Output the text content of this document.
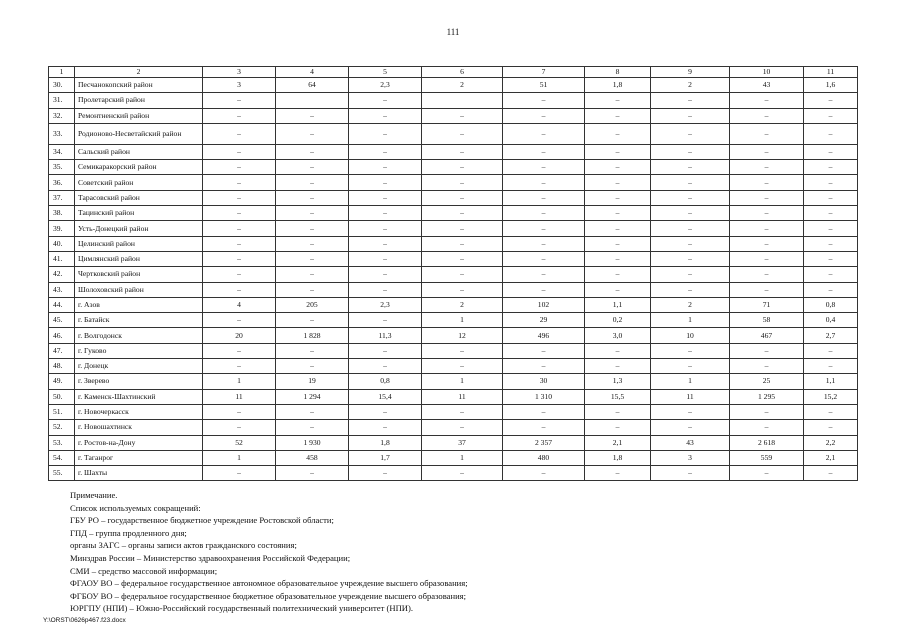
111
1	2	3	4	5	6	7	8	9	10	11
30.	Песчанокопский район	3	64	2,3	2	51	1,8	2	43	1,6
31.	Пролетарский район	–		–		–	–	–	–	–
32.	Ремонтненский район	–	–	–	–	–	–	–	–	–
33.	Родионово-Несветайский район	–	–	–	–	–	–	–	–	–
34.	Сальский район	–	–	–	–	–	–	–	–	–
35.	Семикаракорский район	–	–	–	–	–	–	–	–	–
36.	Советский район	–	–	–	–	–	–	–	–	–
37.	Тарасовский район	–	–	–	–	–	–	–	–	–
38.	Тацинский район	–	–	–	–	–	–	–	–	–
39.	Усть-Донецкий район	–	–	–	–	–	–	–	–	–
40.	Целинский район	–	–	–	–	–	–	–	–	–
41.	Цимлянский район	–	–	–	–	–	–	–	–	–
42.	Чертковский район	–	–	–	–	–	–	–	–	–
43.	Шолоховский район	–	–	–	–	–	–	–	–	–
44.	г. Азов	4	205	2,3	2	102	1,1	2	71	0,8
45.	г. Батайск	–	–	–	1	29	0,2	1	58	0,4
46.	г. Волгодонск	20	1 828	11,3	12	496	3,0	10	467	2,7
47.	г. Гуково	–	–	–	–	–	–	–	–	–
48.	г. Донецк	–	–	–	–	–	–	–	–	–
49.	г. Зверево	1	19	0,8	1	30	1,3	1	25	1,1
50.	г. Каменск-Шахтинский	11	1 294	15,4	11	1 310	15,5	11	1 295	15,2
51.	г. Новочеркасск	–	–	–	–	–	–	–	–	–
52.	г. Новошахтинск	–	–	–	–	–	–	–	–	–
53.	г. Ростов-на-Дону	52	1 930	1,8	37	2 357	2,1	43	2 618	2,2
54.	г. Таганрог	1	458	1,7	1	480	1,8	3	559	2,1
55.	г. Шахты	–	–	–	–	–	–	–	–	–
Примечание.
Список используемых сокращений:
ГБУ РО – государственное бюджетное учреждение Ростовской области;
ГПД – группа продленного дня;
органы ЗАГС – органы записи актов гражданского состояния;
Минздрав России – Министерство здравоохранения Российской Федерации;
СМИ – средство массовой информации;
ФГАОУ ВО – федеральное государственное автономное образовательное учреждение высшего образования;
ФГБОУ ВО – федеральное государственное бюджетное образовательное учреждение высшего образования;
ЮРГПУ (НПИ) – Южно-Российский государственный политехнический университет (НПИ).
Y:\ORST\0626p467.f23.docx
